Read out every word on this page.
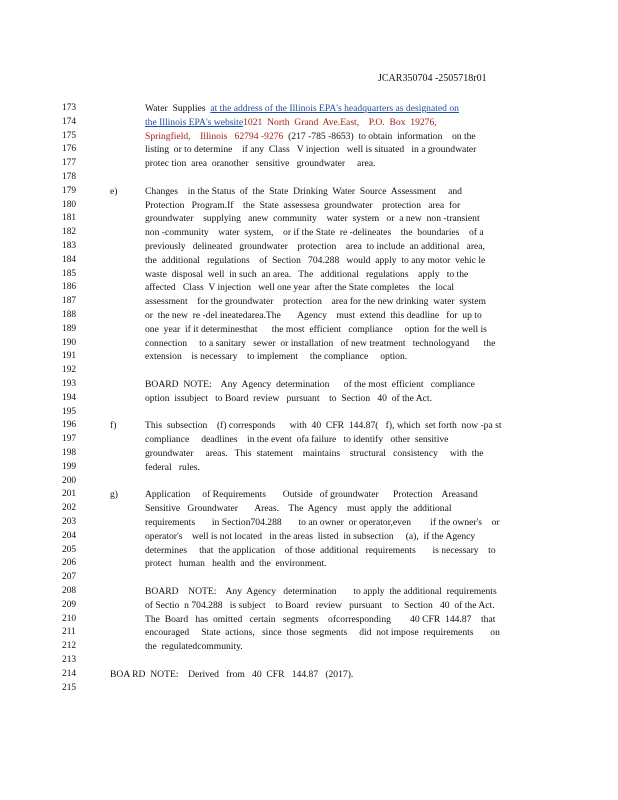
JCAR350704 -2505718r01
173	Water  Supplies  at the address of the Illinois EPA's headquarters as designated on
174	the Illinois EPA's website1021  North  Grand  Ave.East,    P.O.  Box  19276,
175	Springfield,    Illinois   62794 -9276  (217 -785 -8653)  to obtain  information    on the
176	listing  or to determine    if any  Class   V injection   well is situated   in a groundwater
177	protec tion  area  oranother   sensitive   groundwater     area.
178
179	e)	Changes    in the Status  of  the  State  Drinking  Water  Source  Assessment     and
180	Protection   Program.If    the  State  assessesa  groundwater    protection   area  for
181	groundwater    supplying   anew  community    water  system   or  a new  non -transient
182	non -community    water  system,    or if the State  re -delineates    the  boundaries    of a
183	previously   delineated   groundwater    protection    area  to include  an additional   area,
184	the  additional   regulations    of  Section   704.288   would  apply  to any motor  vehic le
185	waste  disposal  well  in such  an area.   The   additional   regulations    apply   to the
186	affected   Class  V injection   well one year  after the State completes    the  local
187	assessment    for the groundwater    protection    area for the new drinking  water  system
188	or  the new  re -del ineatedarea.The       Agency    must  extend  this deadline   for  up to
189	one  year  if it determinesthat      the most  efficient   compliance     option  for the well is
190	connection     to a sanitary   sewer  or installation   of new treatment   technologyand      the
191	extension    is necessary    to implement     the compliance     option.
192
193	BOARD  NOTE:    Any  Agency  determination      of the most  efficient   compliance
194	option  issubject   to Board  review   pursuant    to  Section   40  of the Act.
195
196	f)	This  subsection    (f) corresponds      with  40  CFR  144.87(   f), which  set forth  now -pa st
197	compliance     deadlines    in the event  ofa failure   to identify   other  sensitive
198	groundwater     areas.   This  statement    maintains    structural   consistency     with  the
199	federal   rules.
200
201	g)	Application     of Requirements       Outside   of groundwater      Protection    Areasand
202	Sensitive   Groundwater       Areas.    The  Agency    must  apply  the  additional
203	requirements       in Section704.288       to an owner  or operator,even        if the owner's    or
204	operator's    well is not located   in the areas  listed  in subsection     (a),  if the Agency
205	determines     that  the application    of those  additional   requirements       is necessary    to
206	protect   human   health  and  the  environment.
207
208	BOARD    NOTE:    Any  Agency   determination       to apply  the additional  requirements
209	of Sectio  n 704.288   is subject    to Board   review   pursuant    to  Section   40  of the Act.
210	The  Board   has  omitted   certain   segments    ofcorresponding        40 CFR  144.87    that
211	encouraged     State  actions,   since  those  segments     did  not impose  requirements       on
212	the  regulatedcommunity.
213
214	BOA RD  NOTE:    Derived   from   40  CFR   144.87   (2017).
215
